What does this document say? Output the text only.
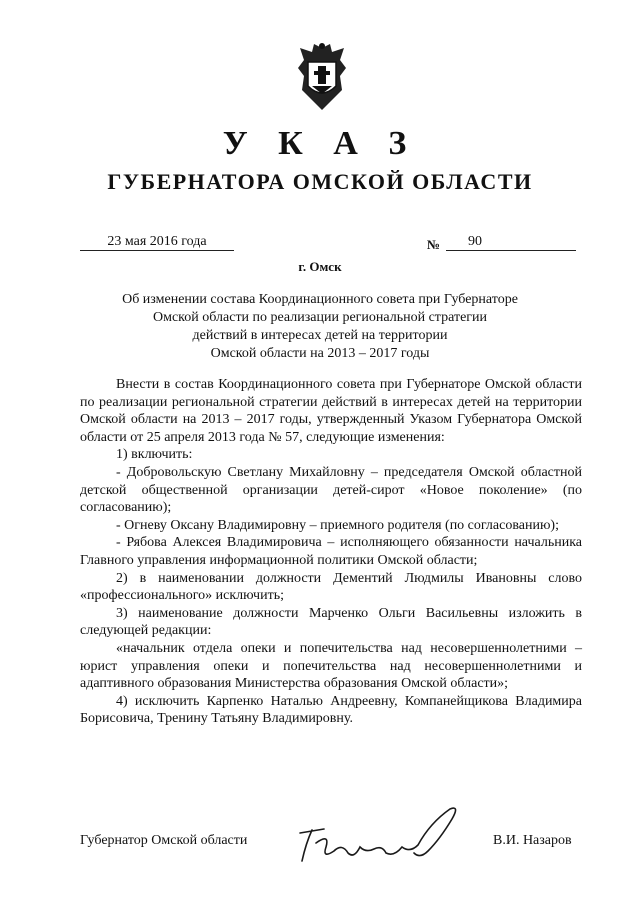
У К А З
ГУБЕРНАТОРА ОМСКОЙ ОБЛАСТИ
23 мая 2016 года	№	90
г. Омск
Об изменении состава Координационного совета при Губернаторе
Омской области по реализации региональной стратегии
действий в интересах детей на территории
Омской области на 2013 – 2017 годы

Внести в состав Координационного совета при Губернаторе Омской области по реализации региональной стратегии действий в интересах детей на территории Омской области на 2013 – 2017 годы, утвержденный Указом Губернатора Омской области от 25 апреля 2013 года № 57, следующие изменения:

1) включить:

- Добровольскую Светлану Михайловну – председателя Омской областной детской общественной организации детей-сирот «Новое поколение» (по согласованию);

- Огневу Оксану Владимировну – приемного родителя (по согласованию);

- Рябова Алексея Владимировича – исполняющего обязанности начальника Главного управления информационной политики Омской области;

2) в наименовании должности Дементий Людмилы Ивановны слово «профессионального» исключить;

3) наименование должности Марченко Ольги Васильевны изложить в следующей редакции:

«начальник отдела опеки и попечительства над несовершеннолетними – юрист управления опеки и попечительства над несовершеннолетними и адаптивного образования Министерства образования Омской области»;

4) исключить Карпенко Наталью Андреевну, Компанейщикова Владимира Борисовича, Тренину Татьяну Владимировну.

Губернатор Омской области	В.И. Назаров
